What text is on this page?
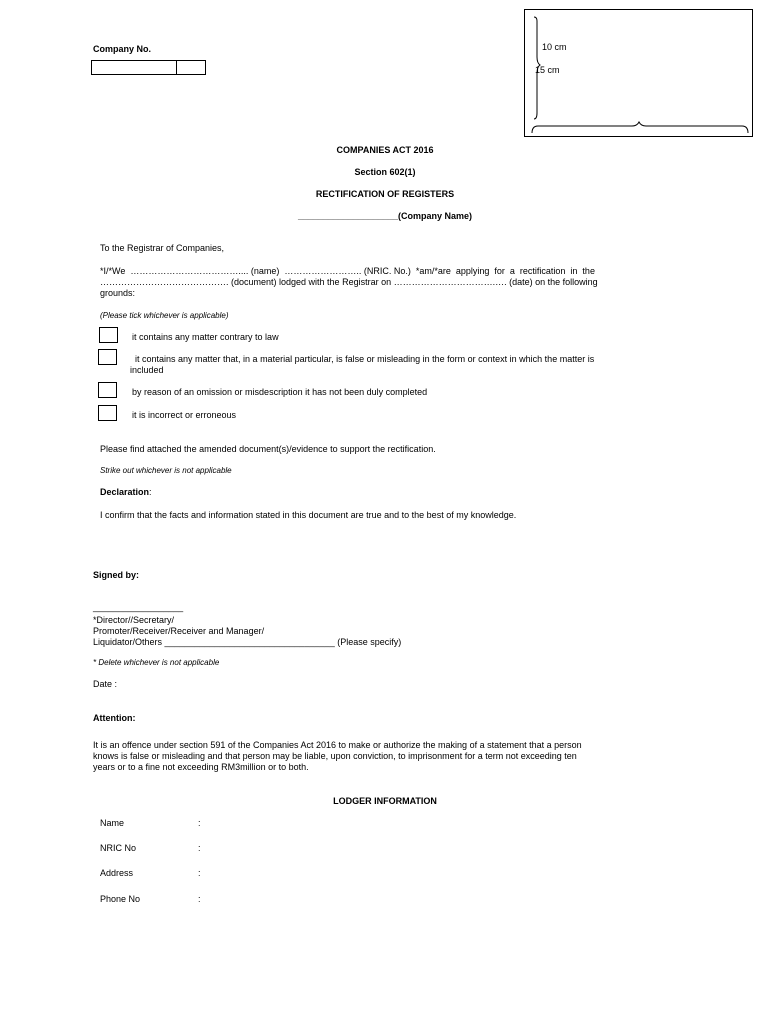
Company No.	10 cm
15 cm
COMPANIES ACT 2016
Section 602(1)
RECTIFICATION OF REGISTERS
____________________(Company Name)
To the Registrar of Companies,
*I/*We  ……………………………….... (name)  …………………….. (NRIC. No.)  *am/*are  applying  for  a  rectification  in  the
……………………………………. (document) lodged with the Registrar on …………………………….…. (date) on the following
grounds:
(Please tick whichever is applicable)
it contains any matter contrary to law
it contains any matter that, in a material particular, is false or misleading in the form or context in which the matter is
included
by reason of an omission or misdescription it has not been duly completed
it is incorrect or erroneous
Please find attached the amended document(s)/evidence to support the rectification.
Strike out whichever is not applicable
Declaration:
I confirm that the facts and information stated in this document are true and to the best of my knowledge.
Signed by:
__________________
*Director//Secretary/
Promoter/Receiver/Receiver and Manager/
Liquidator/Others __________________________________ (Please specify)
* Delete whichever is not applicable
Date :
Attention:
It is an offence under section 591 of the Companies Act 2016 to make or authorize the making of a statement that a person
knows is false or misleading and that person may be liable, upon conviction, to imprisonment for a term not exceeding ten
years or to a fine not exceeding RM3million or to both.
LODGER INFORMATION
Name	:
NRIC No	:
Address	:
Phone No	:
